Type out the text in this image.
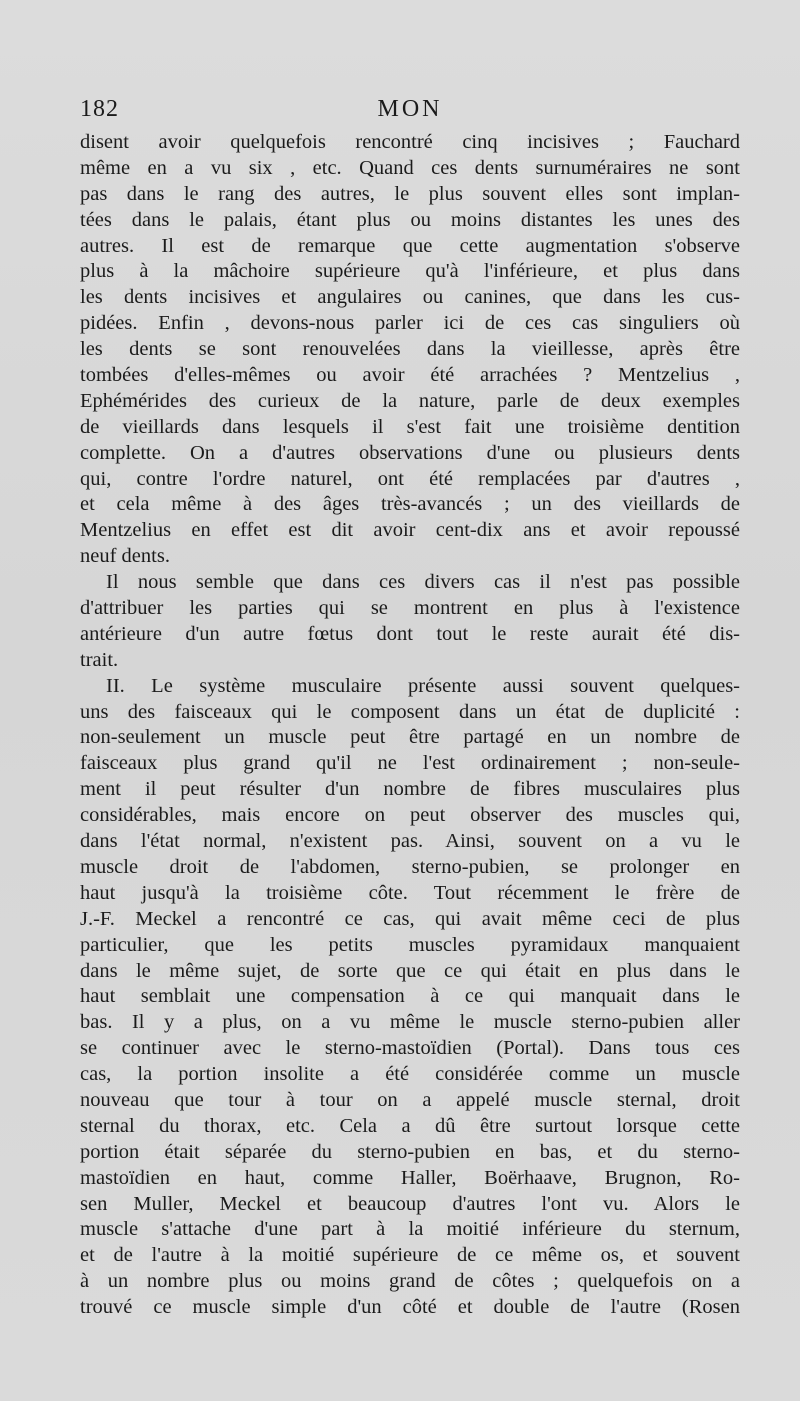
182	MON
disent avoir quelquefois rencontré cinq incisives ; Fauchard
même en a vu six , etc. Quand ces dents surnuméraires ne sont
pas dans le rang des autres, le plus souvent elles sont implan-
tées dans le palais, étant plus ou moins distantes les unes des
autres. Il est de remarque que cette augmentation s'observe
plus à la mâchoire supérieure qu'à l'inférieure, et plus dans
les dents incisives et angulaires ou canines, que dans les cus-
pidées. Enfin , devons-nous parler ici de ces cas singuliers où
les dents se sont renouvelées dans la vieillesse, après être
tombées d'elles-mêmes ou avoir été arrachées ? Mentzelius ,
Ephémérides des curieux de la nature, parle de deux exemples
de vieillards dans lesquels il s'est fait une troisième dentition
complette. On a d'autres observations d'une ou plusieurs dents
qui, contre l'ordre naturel, ont été remplacées par d'autres ,
et cela même à des âges très-avancés ; un des vieillards de
Mentzelius en effet est dit avoir cent-dix ans et avoir repoussé
neuf dents.
Il nous semble que dans ces divers cas il n'est pas possible
d'attribuer les parties qui se montrent en plus à l'existence
antérieure d'un autre fœtus dont tout le reste aurait été dis-
trait.
II. Le système musculaire présente aussi souvent quelques-
uns des faisceaux qui le composent dans un état de duplicité :
non-seulement un muscle peut être partagé en un nombre de
faisceaux plus grand qu'il ne l'est ordinairement ; non-seule-
ment il peut résulter d'un nombre de fibres musculaires plus
considérables, mais encore on peut observer des muscles qui,
dans l'état normal, n'existent pas. Ainsi, souvent on a vu le
muscle droit de l'abdomen, sterno-pubien, se prolonger en
haut jusqu'à la troisième côte. Tout récemment le frère de
J.-F. Meckel a rencontré ce cas, qui avait même ceci de plus
particulier, que les petits muscles pyramidaux manquaient
dans le même sujet, de sorte que ce qui était en plus dans le
haut semblait une compensation à ce qui manquait dans le
bas. Il y a plus, on a vu même le muscle sterno-pubien aller
se continuer avec le sterno-mastoïdien (Portal). Dans tous ces
cas, la portion insolite a été considérée comme un muscle
nouveau que tour à tour on a appelé muscle sternal, droit
sternal du thorax, etc. Cela a dû être surtout lorsque cette
portion était séparée du sterno-pubien en bas, et du sterno-
mastoïdien en haut, comme Haller, Boërhaave, Brugnon, Ro-
sen Muller, Meckel et beaucoup d'autres l'ont vu. Alors le
muscle s'attache d'une part à la moitié inférieure du sternum,
et de l'autre à la moitié supérieure de ce même os, et souvent
à un nombre plus ou moins grand de côtes ; quelquefois on a
trouvé ce muscle simple d'un côté et double de l'autre (Rosen
